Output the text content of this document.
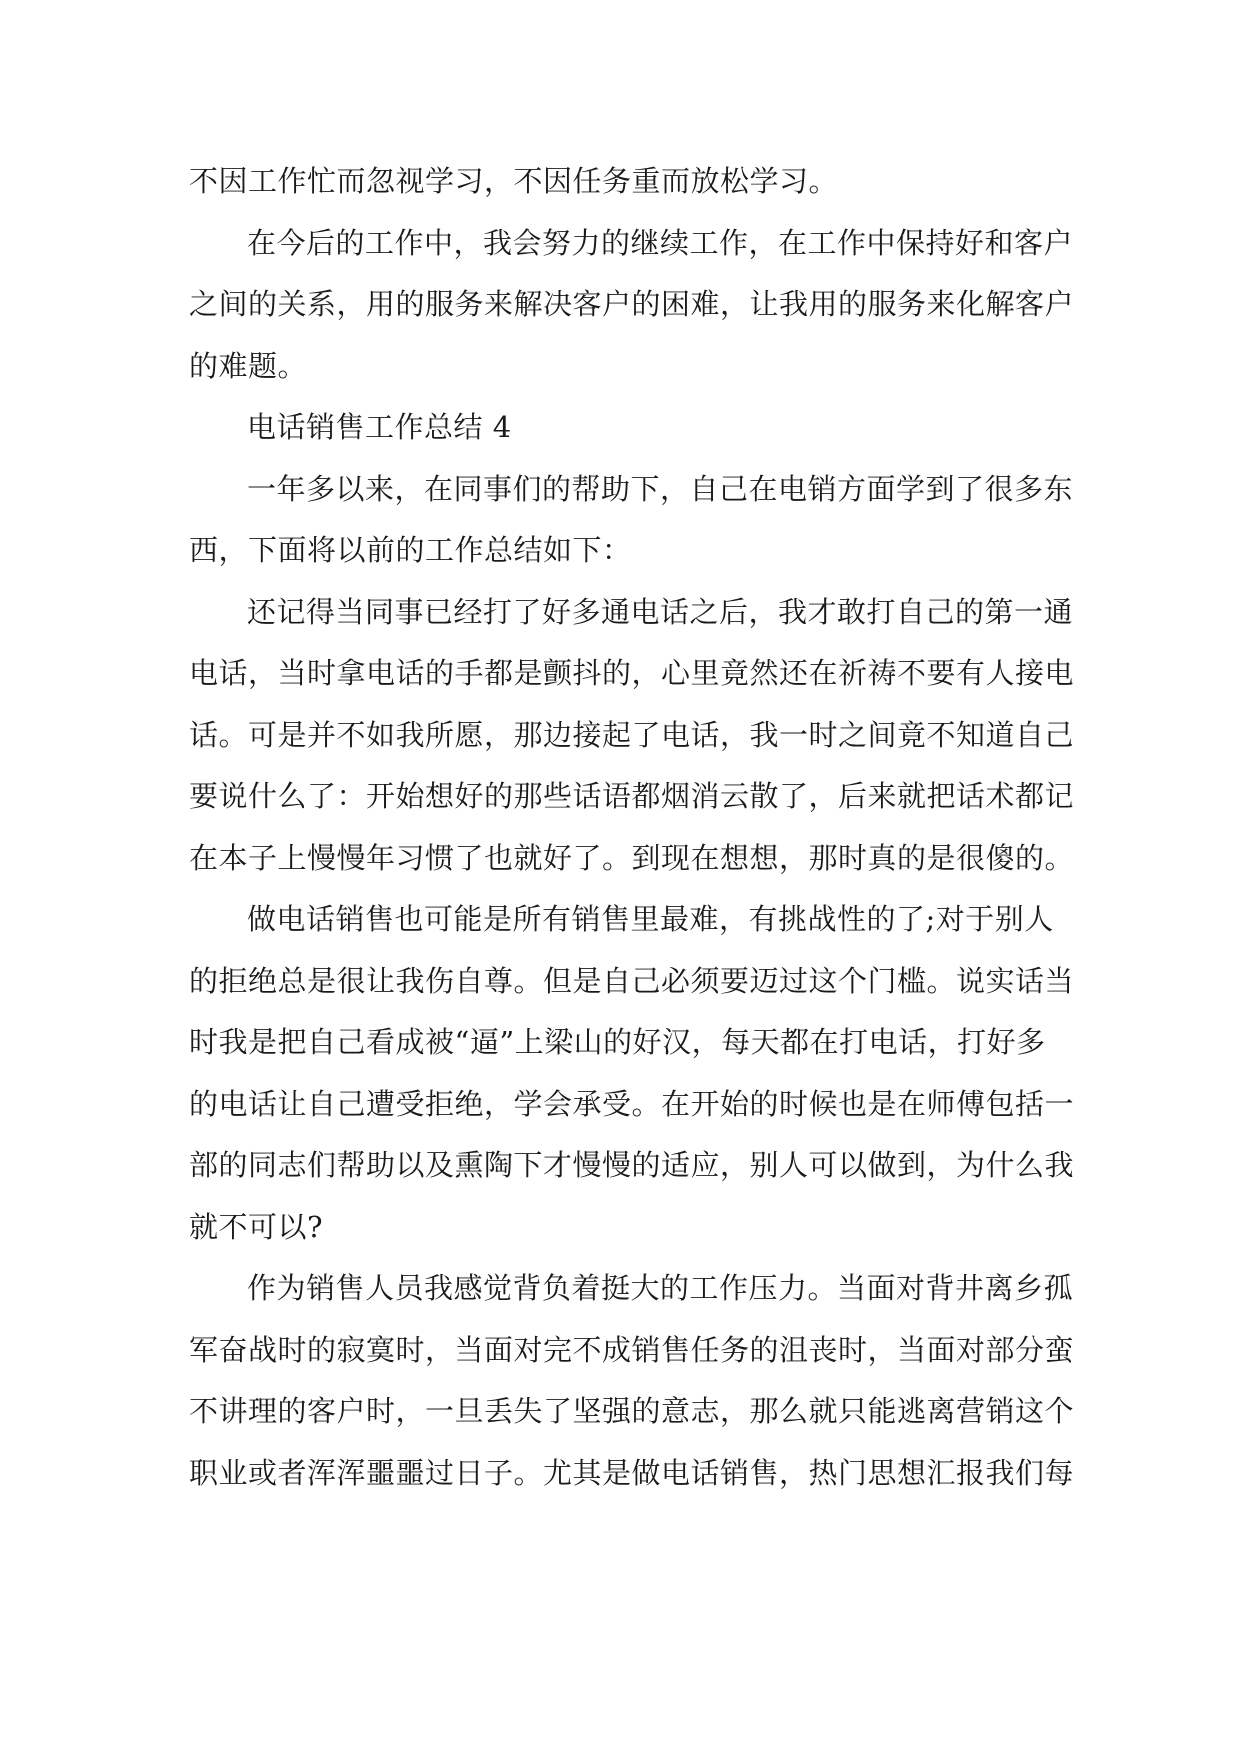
不因工作忙而忽视学习，不因任务重而放松学习。
在今后的工作中，我会努力的继续工作，在工作中保持好和客户
之间的关系，用的服务来解决客户的困难，让我用的服务来化解客户
的难题。
电话销售工作总结 4
一年多以来，在同事们的帮助下，自己在电销方面学到了很多东
西，下面将以前的工作总结如下：
还记得当同事已经打了好多通电话之后，我才敢打自己的第一通
电话，当时拿电话的手都是颤抖的，心里竟然还在祈祷不要有人接电
话。可是并不如我所愿，那边接起了电话，我一时之间竟不知道自己
要说什么了：开始想好的那些话语都烟消云散了，后来就把话术都记
在本子上慢慢年习惯了也就好了。到现在想想，那时真的是很傻的。
做电话销售也可能是所有销售里最难，有挑战性的了;对于别人
的拒绝总是很让我伤自尊。但是自己必须要迈过这个门槛。说实话当
时我是把自己看成被“逼”上梁山的好汉，每天都在打电话，打好多
的电话让自己遭受拒绝，学会承受。在开始的时候也是在师傅包括一
部的同志们帮助以及熏陶下才慢慢的适应，别人可以做到，为什么我
就不可以?
作为销售人员我感觉背负着挺大的工作压力。当面对背井离乡孤
军奋战时的寂寞时，当面对完不成销售任务的沮丧时，当面对部分蛮
不讲理的客户时，一旦丢失了坚强的意志，那么就只能逃离营销这个
职业或者浑浑噩噩过日子。尤其是做电话销售，热门思想汇报我们每
